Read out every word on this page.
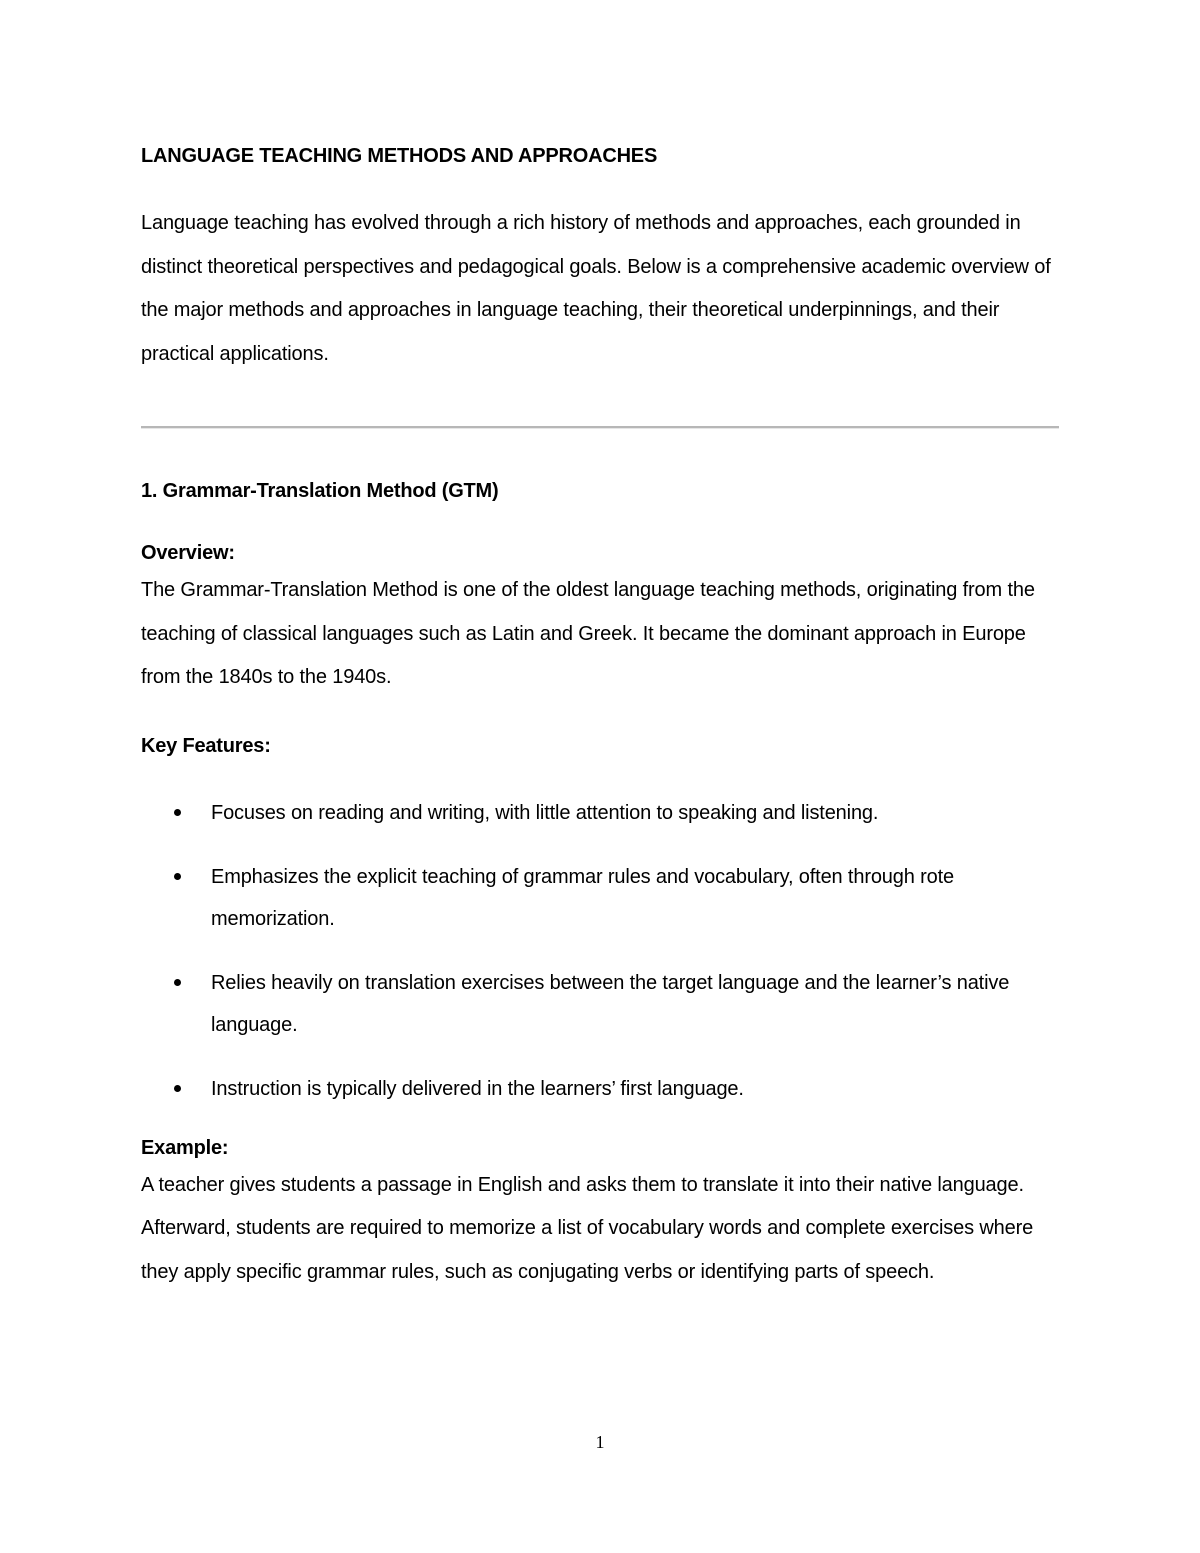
LANGUAGE TEACHING METHODS AND APPROACHES

Language teaching has evolved through a rich history of methods and approaches, each grounded in distinct theoretical perspectives and pedagogical goals. Below is a comprehensive academic overview of the major methods and approaches in language teaching, their theoretical underpinnings, and their practical applications.

1. Grammar-Translation Method (GTM)
Overview:

The Grammar-Translation Method is one of the oldest language teaching methods, originating from the teaching of classical languages such as Latin and Greek. It became the dominant approach in Europe from the 1840s to the 1940s.

Key Features:
Focuses on reading and writing, with little attention to speaking and listening.
Emphasizes the explicit teaching of grammar rules and vocabulary, often through rote memorization.
Relies heavily on translation exercises between the target language and the learner’s native language.
Instruction is typically delivered in the learners’ first language.
Example:

A teacher gives students a passage in English and asks them to translate it into their native language. Afterward, students are required to memorize a list of vocabulary words and complete exercises where they apply specific grammar rules, such as conjugating verbs or identifying parts of speech.

1
